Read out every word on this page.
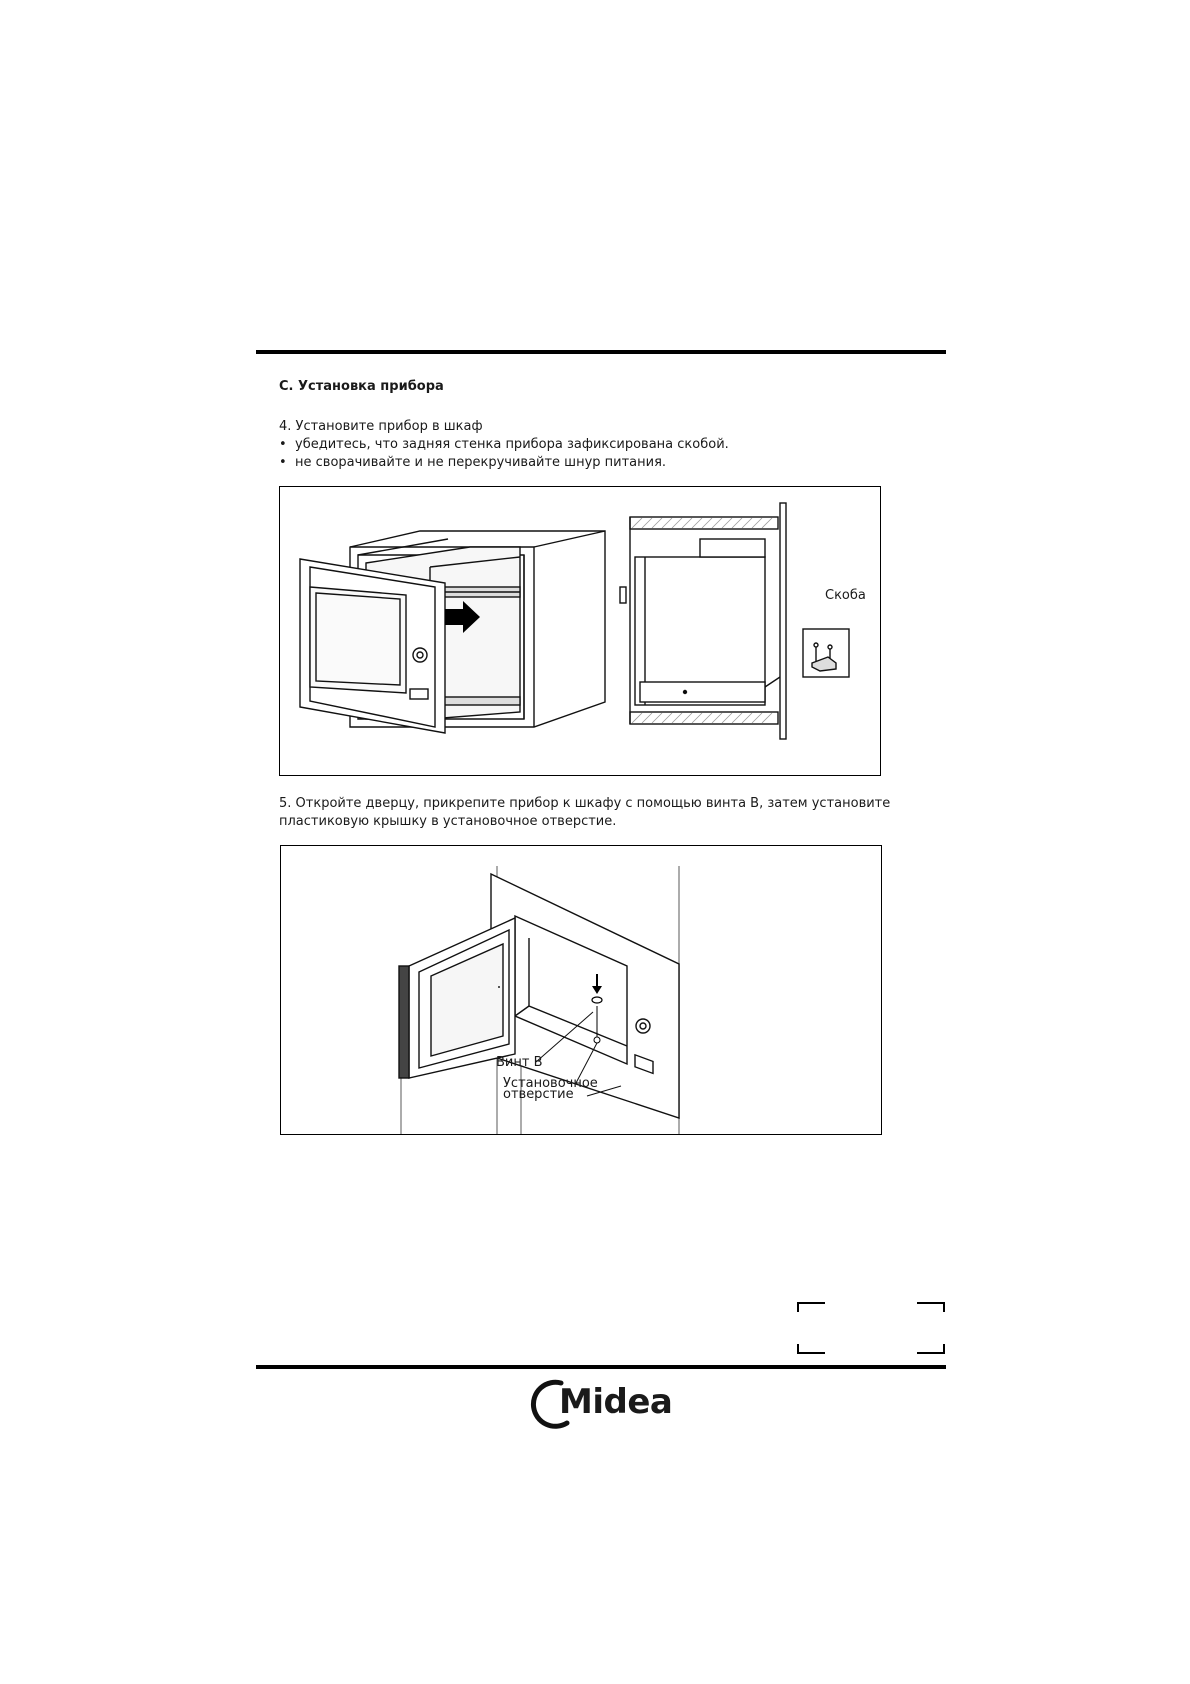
C. Установка прибора
4. Установите прибор в шкаф
• убедитесь, что задняя стенка прибора зафиксирована скобой.
• не сворачивайте и не перекручивайте шнур питания.
Скоба
5. Откройте дверцу, прикрепите прибор к шкафу с помощью винта B, затем установите
пластиковую крышку в установочное отверстие.
Винт B
Установочное
отверстие
Midea
